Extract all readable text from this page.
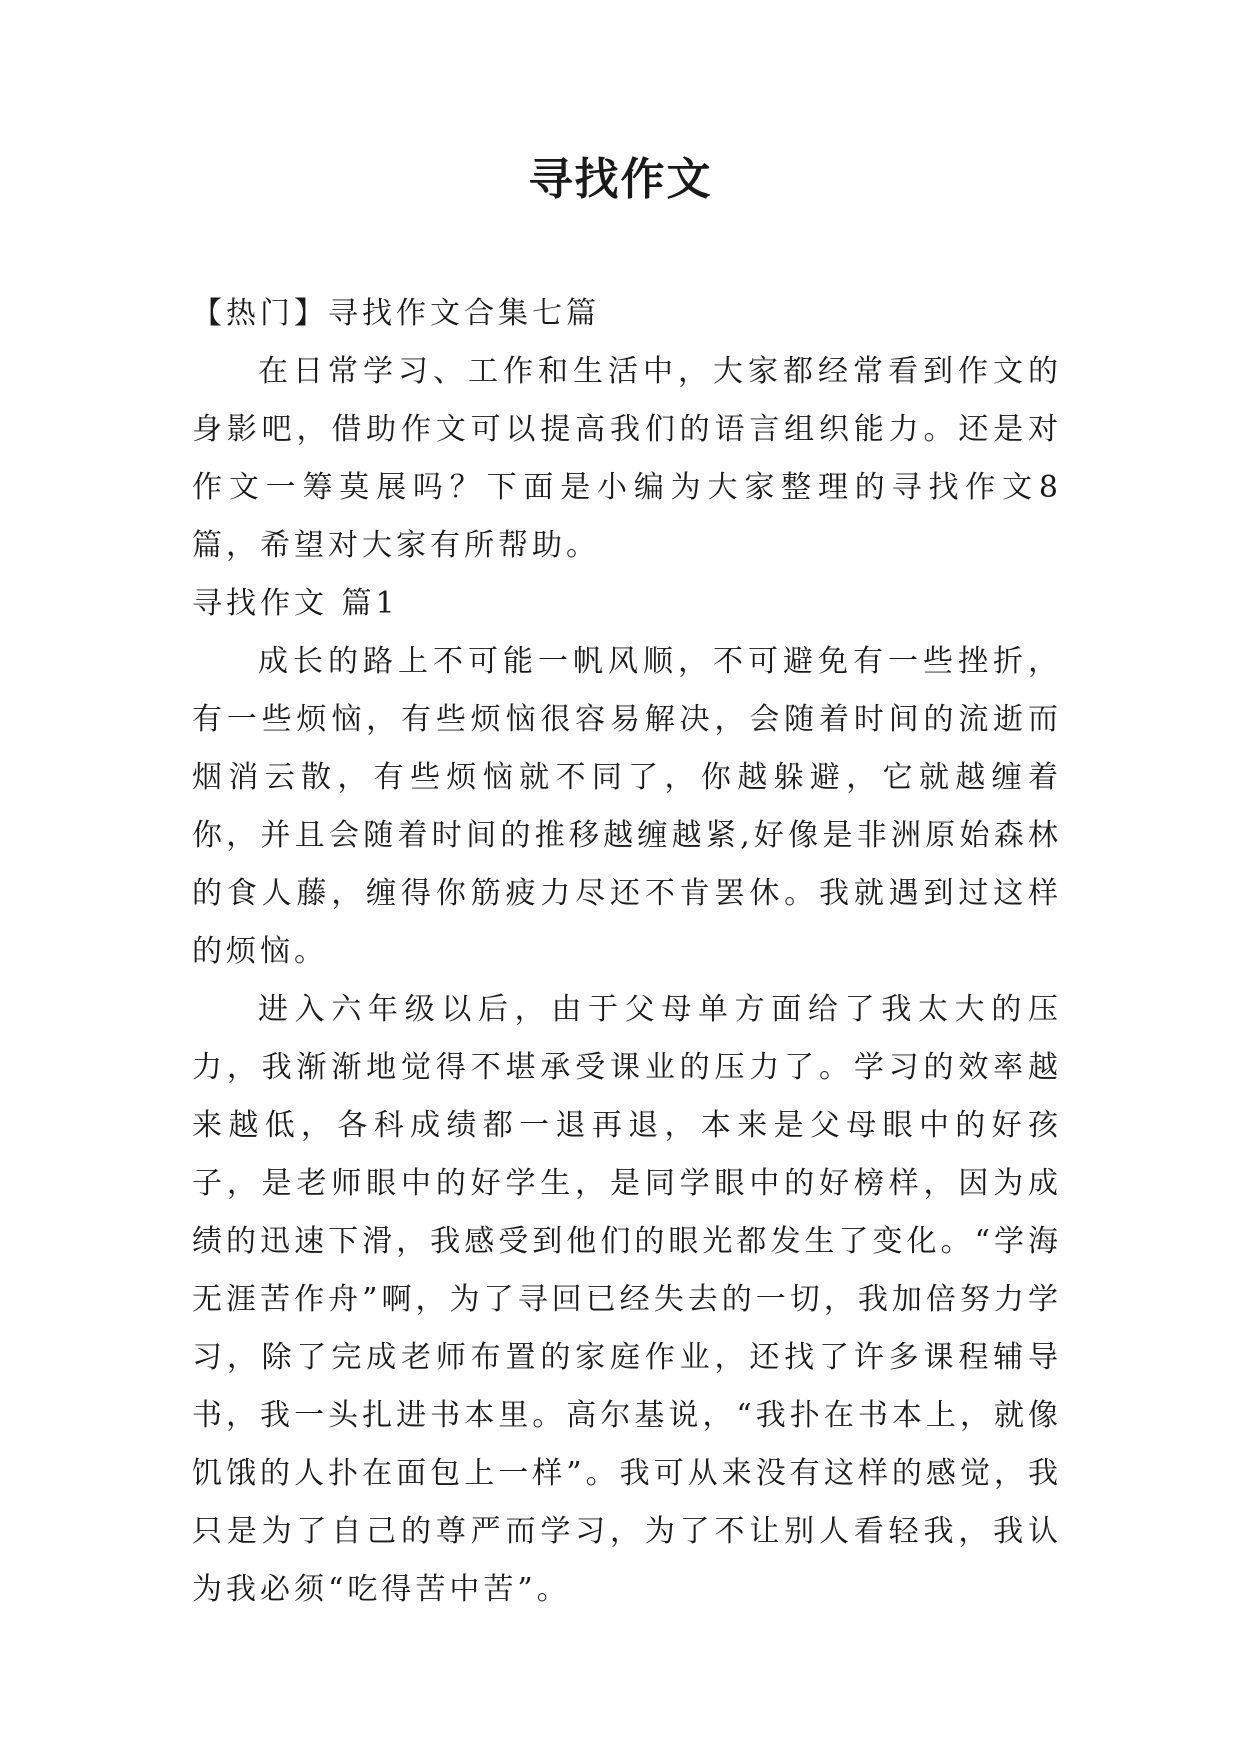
寻找作文

【热门】寻找作文合集七篇

在日常学习、工作和生活中，大家都经常看到作文的身影吧，借助作文可以提高我们的语言组织能力。还是对作文一筹莫展吗？下面是小编为大家整理的寻找作文8篇，希望对大家有所帮助。

寻找作文 篇1

成长的路上不可能一帆风顺，不可避免有一些挫折，有一些烦恼，有些烦恼很容易解决，会随着时间的流逝而烟消云散，有些烦恼就不同了，你越躲避，它就越缠着你，并且会随着时间的推移越缠越紧,好像是非洲原始森林的食人藤，缠得你筋疲力尽还不肯罢休。我就遇到过这样的烦恼。

进入六年级以后，由于父母单方面给了我太大的压力，我渐渐地觉得不堪承受课业的压力了。学习的效率越来越低，各科成绩都一退再退，本来是父母眼中的好孩子，是老师眼中的好学生，是同学眼中的好榜样，因为成绩的迅速下滑，我感受到他们的眼光都发生了变化。“学海无涯苦作舟”啊，为了寻回已经失去的一切，我加倍努力学习，除了完成老师布置的家庭作业，还找了许多课程辅导书，我一头扎进书本里。高尔基说，“我扑在书本上，就像饥饿的人扑在面包上一样”。我可从来没有这样的感觉，我只是为了自己的尊严而学习，为了不让别人看轻我，我认为我必须“吃得苦中苦”。
